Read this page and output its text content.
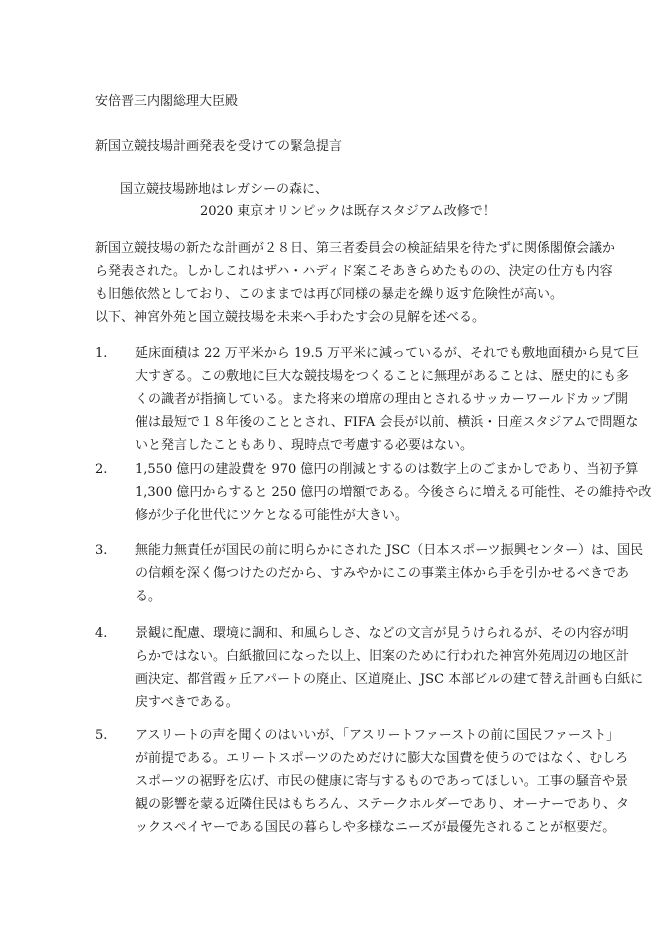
安倍晋三内閣総理大臣殿
新国立競技場計画発表を受けての緊急提言
国立競技場跡地はレガシーの森に、
2020 東京オリンピックは既存スタジアム改修で！

新国立競技場の新たな計画が２８日、第三者委員会の検証結果を待たずに関係閣僚会議か

ら発表された。しかしこれはザハ・ハディド案こそあきらめたものの、決定の仕方も内容

も旧態依然としており、このままでは再び同様の暴走を繰り返す危険性が高い。

以下、神宮外苑と国立競技場を未来へ手わたす会の見解を述べる。

1. 延床面積は 22 万平米から 19.5 万平米に減っているが、それでも敷地面積から見て巨

大すぎる。この敷地に巨大な競技場をつくることに無理があることは、歴史的にも多

くの識者が指摘している。また将来の増席の理由とされるサッカーワールドカップ開

催は最短で１８年後のこととされ、FIFA 会長が以前、横浜・日産スタジアムで問題な

いと発言したこともあり、現時点で考慮する必要はない。

2. 1,550 億円の建設費を 970 億円の削減とするのは数字上のごまかしであり、当初予算

1,300 億円からすると 250 億円の増額である。今後さらに増える可能性、その維持や改

修が少子化世代にツケとなる可能性が大きい。

3. 無能力無責任が国民の前に明らかにされた JSC（日本スポーツ振興センター）は、国民

の信頼を深く傷つけたのだから、すみやかにこの事業主体から手を引かせるべきであ

る。

4. 景観に配慮、環境に調和、和風らしさ、などの文言が見うけられるが、その内容が明

らかではない。白紙撤回になった以上、旧案のために行われた神宮外苑周辺の地区計

画決定、都営霞ヶ丘アパートの廃止、区道廃止、JSC 本部ビルの建て替え計画も白紙に

戻すべきである。

5. アスリートの声を聞くのはいいが、「アスリートファーストの前に国民ファースト」

が前提である。エリートスポーツのためだけに膨大な国費を使うのではなく、むしろ

スポーツの裾野を広げ、市民の健康に寄与するものであってほしい。工事の騒音や景

観の影響を蒙る近隣住民はもちろん、ステークホルダーであり、オーナーであり、タ

ックスペイヤーである国民の暮らしや多様なニーズが最優先されることが枢要だ。
